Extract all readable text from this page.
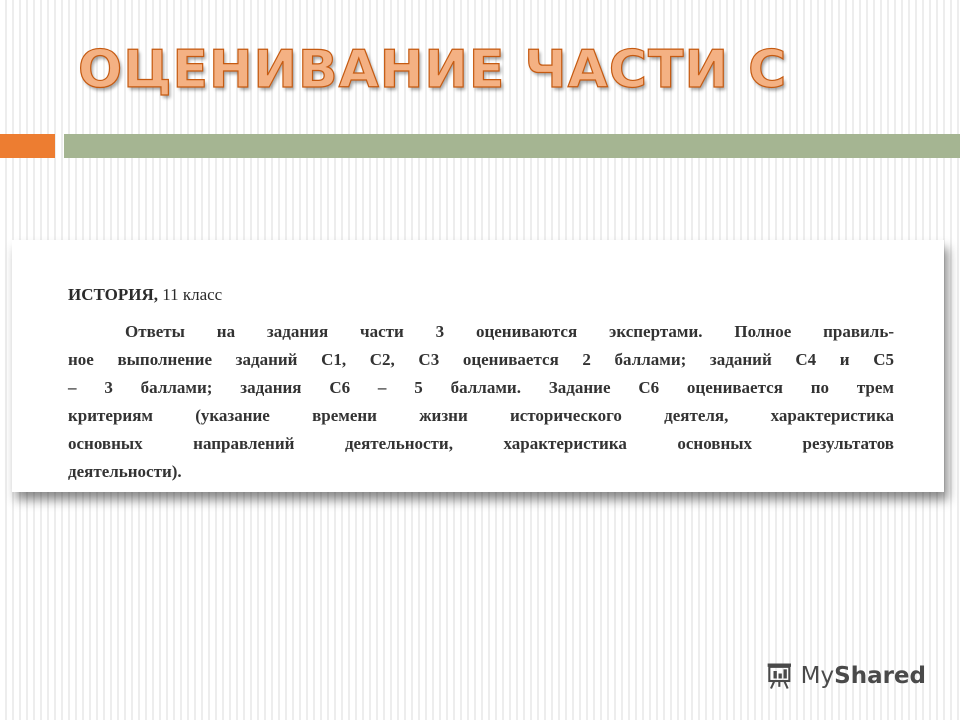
ОЦЕНИВАНИЕ ЧАСТИ С
ИСТОРИЯ, 11 класс
Ответы на задания части 3 оцениваются экспертами. Полное правиль-
ное выполнение заданий С1, С2, С3 оценивается 2 баллами; заданий С4 и С5
– 3 баллами; задания С6 – 5 баллами. Задание С6 оценивается по трем
критериям (указание времени жизни исторического деятеля, характеристика
основных направлений деятельности, характеристика основных результатов
деятельности).
MyShared
